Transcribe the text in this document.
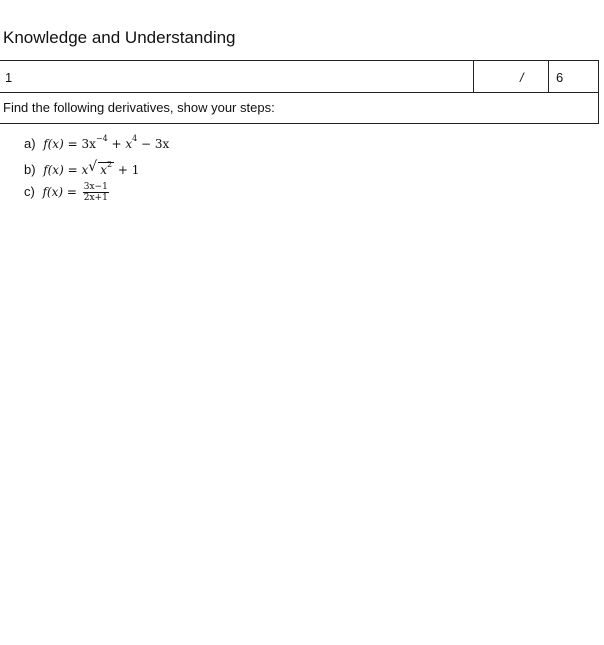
Knowledge and Understanding
1	/ 6
Find the following derivatives, show your steps:
a) $f(x) = 3x^{-4} + x^4 - 3x$
b) f(x) = x √ $x^2 + 1$
c) $f(x) = \frac{3x-1}{2x+1}$
